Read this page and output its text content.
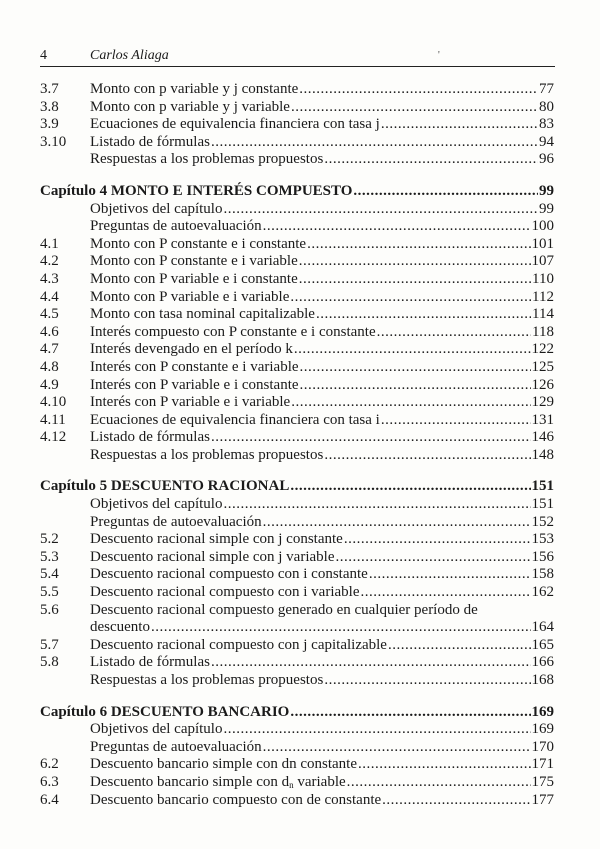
4	Carlos Aliaga	'
3.7	Monto con p variable y j constante .....	77
3.8	Monto con p variable y j variable .....	80
3.9	Ecuaciones de equivalencia financiera con tasa j .....	83
3.10	Listado de fórmulas .....	94
Respuestas a los problemas propuestos .....	96
Capítulo 4 MONTO E INTERÉS COMPUESTO .....	99
Objetivos del capítulo .....	99
Preguntas de autoevaluación .....	100
4.1	Monto con P constante e i constante .....	101
4.2	Monto con P constante e i variable .....	107
4.3	Monto con P variable e i constante .....	110
4.4	Monto con P variable e i variable .....	112
4.5	Monto con tasa nominal capitalizable .....	114
4.6	Interés compuesto con P constante e i constante .....	118
4.7	Interés devengado en el período k .....	122
4.8	Interés con P constante e i variable .....	125
4.9	Interés con P variable e i constante .....	126
4.10	Interés con P variable e i variable .....	129
4.11	Ecuaciones de equivalencia financiera con tasa i .....	131
4.12	Listado de fórmulas .....	146
Respuestas a los problemas propuestos .....	148
Capítulo 5 DESCUENTO RACIONAL .....	151
Objetivos del capítulo .....	151
Preguntas de autoevaluación .....	152
5.2	Descuento racional simple con j constante .....	153
5.3	Descuento racional simple con j variable .....	156
5.4	Descuento racional compuesto con i constante .....	158
5.5	Descuento racional compuesto con i variable .....	162
5.6	Descuento racional compuesto generado en cualquier período de
descuento .....	164
5.7	Descuento racional compuesto con j capitalizable .....	165
5.8	Listado de fórmulas .....	166
Respuestas a los problemas propuestos .....	168
Capítulo 6 DESCUENTO BANCARIO .....	169
Objetivos del capítulo .....	169
Preguntas de autoevaluación .....	170
6.2	Descuento bancario simple con dn constante .....	171
6.3	Descuento bancario simple con $d_n$ variable .....	175
6.4	Descuento bancario compuesto con de constante .....	177
